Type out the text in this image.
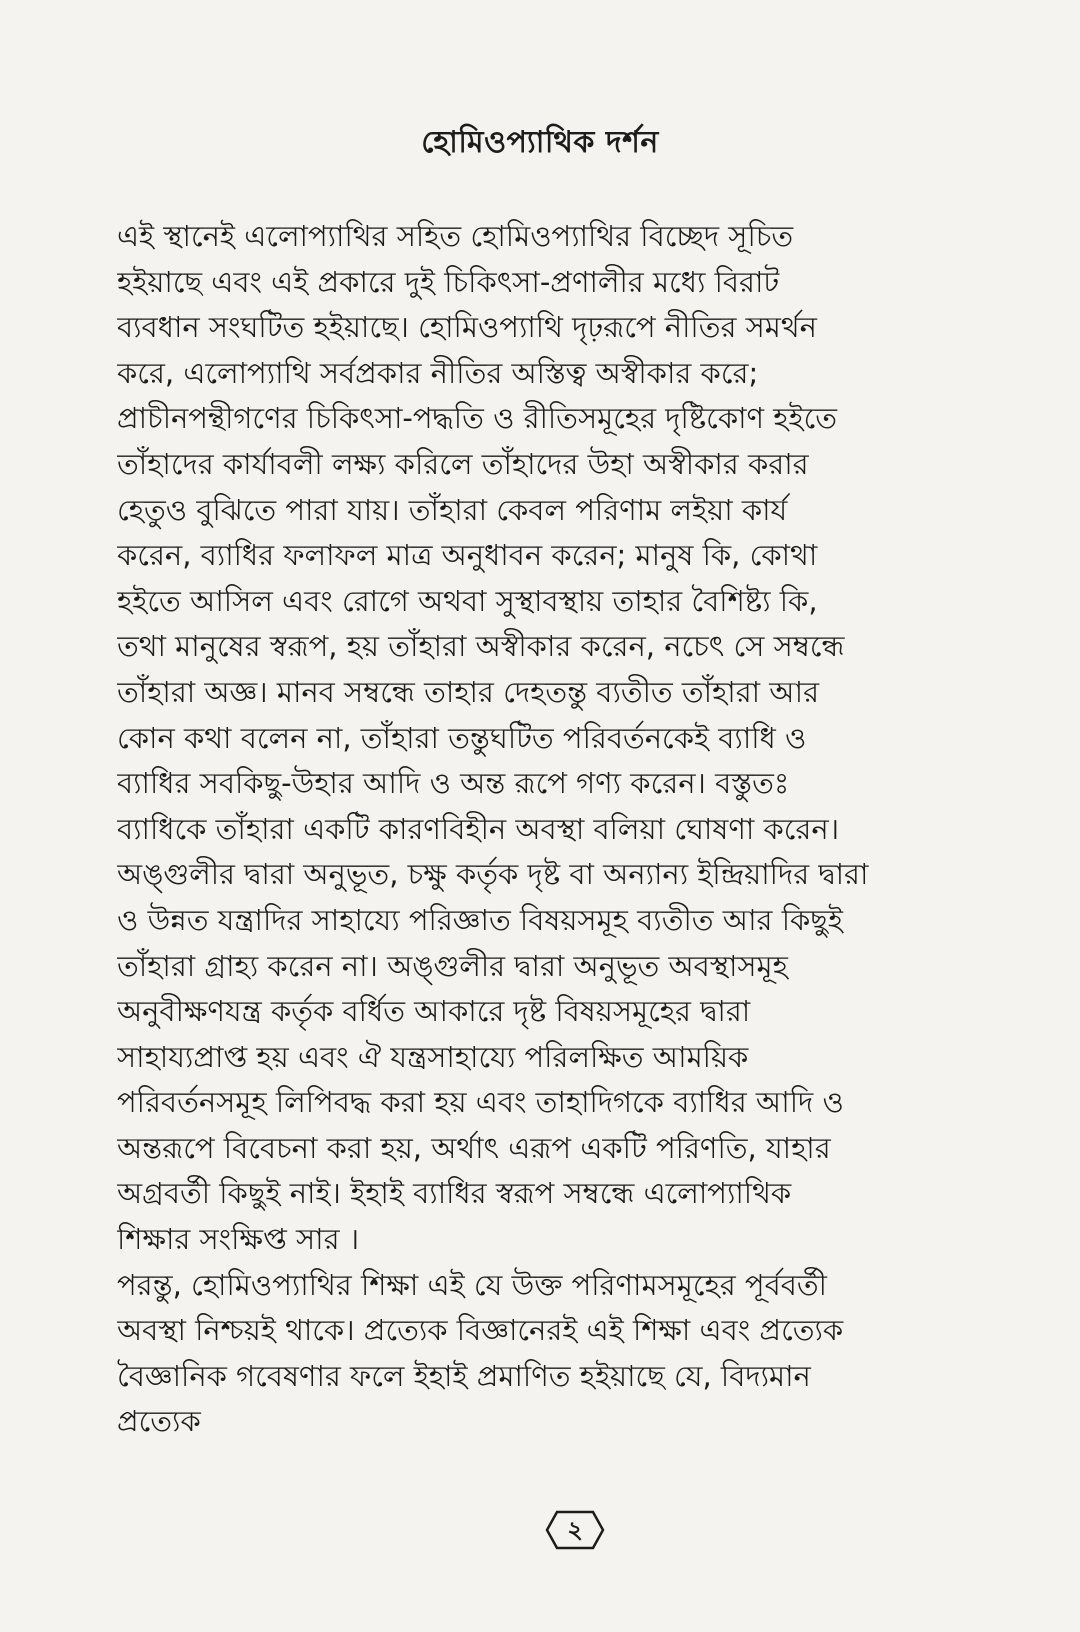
হোমিওপ্যাথিক দর্শন

এই স্থানেই এলোপ্যাথির সহিত হোমিওপ্যাথির বিচ্ছেদ সূচিত
হইয়াছে এবং এই প্রকারে দুই চিকিৎসা-প্রণালীর মধ্যে বিরাট
ব্যবধান সংঘটিত হইয়াছে। হোমিওপ্যাথি দৃঢ়রূপে নীতির সমর্থন
করে, এলোপ্যাথি সর্বপ্রকার নীতির অস্তিত্ব অস্বীকার করে;
প্রাচীনপন্থীগণের চিকিৎসা-পদ্ধতি ও রীতিসমূহের দৃষ্টিকোণ হইতে
তাঁহাদের কার্যাবলী লক্ষ্য করিলে তাঁহাদের উহা অস্বীকার করার
হেতুও বুঝিতে পারা যায়। তাঁহারা কেবল পরিণাম লইয়া কার্য
করেন, ব্যাধির ফলাফল মাত্র অনুধাবন করেন; মানুষ কি, কোথা
হইতে আসিল এবং রোগে অথবা সুস্থাবস্থায় তাহার বৈশিষ্ট্য কি,
তথা মানুষের স্বরূপ, হয় তাঁহারা অস্বীকার করেন, নচেৎ সে সম্বন্ধে
তাঁহারা অজ্ঞ। মানব সম্বন্ধে তাহার দেহতন্তু ব্যতীত তাঁহারা আর
কোন কথা বলেন না, তাঁহারা তন্তুঘটিত পরিবর্তনকেই ব্যাধি ও
ব্যাধির সবকিছু-উহার আদি ও অন্ত রূপে গণ্য করেন। বস্তুতঃ
ব্যাধিকে তাঁহারা একটি কারণবিহীন অবস্থা বলিয়া ঘোষণা করেন।
অঙ্গুলীর দ্বারা অনুভূত, চক্ষু কর্তৃক দৃষ্ট বা অন্যান্য ইন্দ্রিয়াদির দ্বারা
ও উন্নত যন্ত্রাদির সাহায্যে পরিজ্ঞাত বিষয়সমূহ ব্যতীত আর কিছুই
তাঁহারা গ্রাহ্য করেন না। অঙ্গুলীর দ্বারা অনুভূত অবস্থাসমূহ
অনুবীক্ষণযন্ত্র কর্তৃক বর্ধিত আকারে দৃষ্ট বিষয়সমূহের দ্বারা
সাহায্যপ্রাপ্ত হয় এবং ঐ যন্ত্রসাহায্যে পরিলক্ষিত আময়িক
পরিবর্তনসমূহ লিপিবদ্ধ করা হয় এবং তাহাদিগকে ব্যাধির আদি ও
অন্তরূপে বিবেচনা করা হয়, অর্থাৎ এরূপ একটি পরিণতি, যাহার
অগ্রবর্তী কিছুই নাই। ইহাই ব্যাধির স্বরূপ সম্বন্ধে এলোপ্যাথিক
শিক্ষার সংক্ষিপ্ত সার ।

পরন্তু, হোমিওপ্যাথির শিক্ষা এই যে উক্ত পরিণামসমূহের পূর্ববর্তী
অবস্থা নিশ্চয়ই থাকে। প্রত্যেক বিজ্ঞানেরই এই শিক্ষা এবং প্রত্যেক
বৈজ্ঞানিক গবেষণার ফলে ইহাই প্রমাণিত হইয়াছে যে, বিদ্যমান
প্রত্যেক

২
